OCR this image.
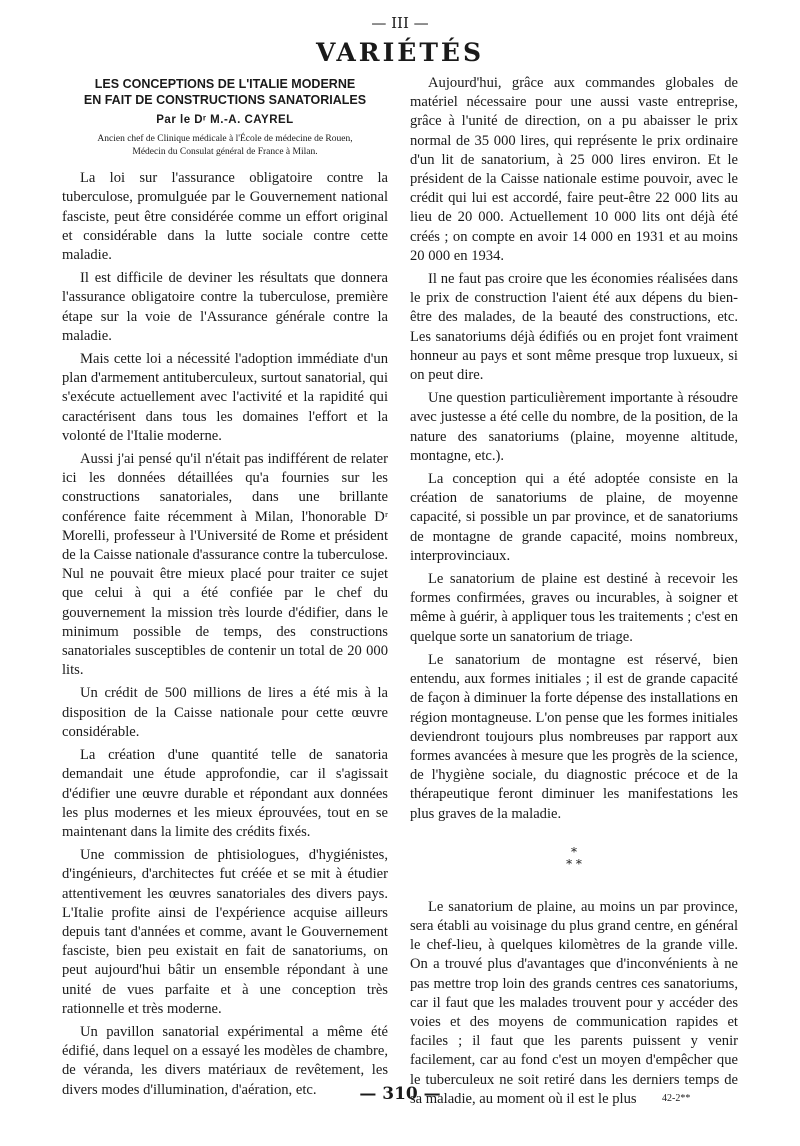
— III —
VARIÉTÉS
LES CONCEPTIONS DE L'ITALIE MODERNE
EN FAIT DE CONSTRUCTIONS SANATORIALES
Par le Dʳ M.-A. CAYREL
Ancien chef de Clinique médicale à l'École de médecine de Rouen,
Médecin du Consulat général de France à Milan.

La loi sur l'assurance obligatoire contre la tuberculose, promulguée par le Gouvernement national fasciste, peut être considérée comme un effort original et considérable dans la lutte sociale contre cette maladie.

Il est difficile de deviner les résultats que donnera l'assurance obligatoire contre la tuberculose, première étape sur la voie de l'Assurance générale contre la maladie.

Mais cette loi a nécessité l'adoption immédiate d'un plan d'armement antituberculeux, surtout sanatorial, qui s'exécute actuellement avec l'activité et la rapidité qui caractérisent dans tous les domaines l'effort et la volonté de l'Italie moderne.

Aussi j'ai pensé qu'il n'était pas indifférent de relater ici les données détaillées qu'a fournies sur les constructions sanatoriales, dans une brillante conférence faite récemment à Milan, l'honorable Dʳ Morelli, professeur à l'Université de Rome et président de la Caisse nationale d'assurance contre la tuberculose. Nul ne pouvait être mieux placé pour traiter ce sujet que celui à qui a été confiée par le chef du gouvernement la mission très lourde d'édifier, dans le minimum possible de temps, des constructions sanatoriales susceptibles de contenir un total de 20 000 lits.

Un crédit de 500 millions de lires a été mis à la disposition de la Caisse nationale pour cette œuvre considérable.

La création d'une quantité telle de sanatoria demandait une étude approfondie, car il s'agissait d'édifier une œuvre durable et répondant aux données les plus modernes et les mieux éprouvées, tout en se maintenant dans la limite des crédits fixés.

Une commission de phtisiologues, d'hygiénistes, d'ingénieurs, d'architectes fut créée et se mit à étudier attentivement les œuvres sanatoriales des divers pays. L'Italie profite ainsi de l'expérience acquise ailleurs depuis tant d'années et comme, avant le Gouvernement fasciste, bien peu existait en fait de sanatoriums, on peut aujourd'hui bâtir un ensemble répondant à une unité de vues parfaite et à une conception très rationnelle et très moderne.

Un pavillon sanatorial expérimental a même été édifié, dans lequel on a essayé les modèles de chambre, de véranda, les divers matériaux de revêtement, les divers modes d'illumination, d'aération, etc.

Aujourd'hui, grâce aux commandes globales de matériel nécessaire pour une aussi vaste entreprise, grâce à l'unité de direction, on a pu abaisser le prix normal de 35 000 lires, qui représente le prix ordinaire d'un lit de sanatorium, à 25 000 lires environ. Et le président de la Caisse nationale estime pouvoir, avec le crédit qui lui est accordé, faire peut-être 22 000 lits au lieu de 20 000. Actuellement 10 000 lits ont déjà été créés ; on compte en avoir 14 000 en 1931 et au moins 20 000 en 1934.

Il ne faut pas croire que les économies réalisées dans le prix de construction l'aient été aux dépens du bien-être des malades, de la beauté des constructions, etc. Les sanatoriums déjà édifiés ou en projet font vraiment honneur au pays et sont même presque trop luxueux, si on peut dire.

Une question particulièrement importante à résoudre avec justesse a été celle du nombre, de la position, de la nature des sanatoriums (plaine, moyenne altitude, montagne, etc.).

La conception qui a été adoptée consiste en la création de sanatoriums de plaine, de moyenne capacité, si possible un par province, et de sanatoriums de montagne de grande capacité, moins nombreux, interprovinciaux.

Le sanatorium de plaine est destiné à recevoir les formes confirmées, graves ou incurables, à soigner et même à guérir, à appliquer tous les traitements ; c'est en quelque sorte un sanatorium de triage.

Le sanatorium de montagne est réservé, bien entendu, aux formes initiales ; il est de grande capacité de façon à diminuer la forte dépense des installations en région montagneuse. L'on pense que les formes initiales deviendront toujours plus nombreuses par rapport aux formes avancées à mesure que les progrès de la science, de l'hygiène sociale, du diagnostic précoce et de la thérapeutique feront diminuer les manifestations les plus graves de la maladie.

*
* *

Le sanatorium de plaine, au moins un par province, sera établi au voisinage du plus grand centre, en général le chef-lieu, à quelques kilomètres de la grande ville. On a trouvé plus d'avantages que d'inconvénients à ne pas mettre trop loin des grands centres ces sanatoriums, car il faut que les malades trouvent pour y accéder des voies et des moyens de communication rapides et faciles ; il faut que les parents puissent y venir facilement, car au fond c'est un moyen d'empêcher que le tuberculeux ne soit retiré dans les derniers temps de sa maladie, au moment où il est le plus

— 310 —	42-2**
